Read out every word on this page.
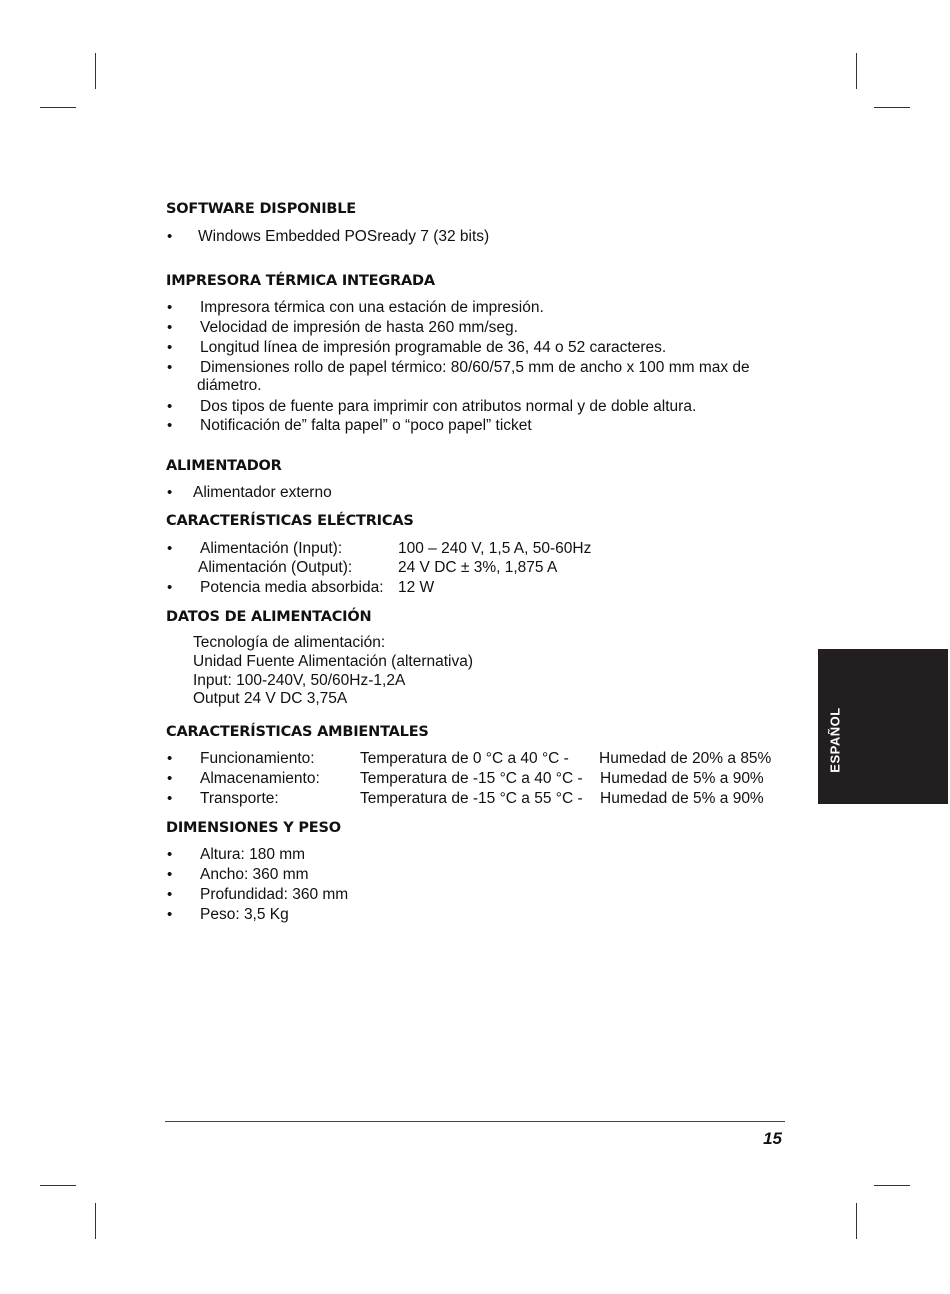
SOFTWARE DISPONIBLE
• Windows Embedded POSready 7 (32 bits)
IMPRESORA TÉRMICA INTEGRADA
• Impresora térmica con una estación de impresión.
• Velocidad de impresión de hasta 260 mm/seg.
• Longitud línea de impresión programable de 36, 44 o 52 caracteres.
• Dimensiones rollo de papel térmico: 80/60/57,5 mm de ancho x 100 mm max de
diámetro.
• Dos tipos de fuente para imprimir con atributos normal y de doble altura.
• Notificación de” falta papel” o “poco papel” ticket
ALIMENTADOR
• Alimentador externo
CARACTERÍSTICAS ELÉCTRICAS
• Alimentación (Input):	100 – 240 V, 1,5 A, 50-60Hz
Alimentación (Output):	24 V DC ± 3%, 1,875 A
• Potencia media absorbida: 12 W
DATOS DE ALIMENTACIÓN
Tecnología de alimentación:
Unidad Fuente Alimentación (alternativa)
Input: 100-240V, 50/60Hz-1,2A
Output 24 V DC 3,75A
CARACTERÍSTICAS AMBIENTALES
• Funcionamiento:	Temperatura de 0 °C a 40 °C - Humedad de 20% a 85%
• Almacenamiento:	Temperatura de -15 °C a 40 °C - Humedad de 5% a 90%
• Transporte:	Temperatura de -15 °C a 55 °C - Humedad de 5% a 90%
DIMENSIONES Y PESO
• Altura: 180 mm
• Ancho: 360 mm
• Profundidad: 360 mm
• Peso: 3,5 Kg
ESPAÑOL
15
